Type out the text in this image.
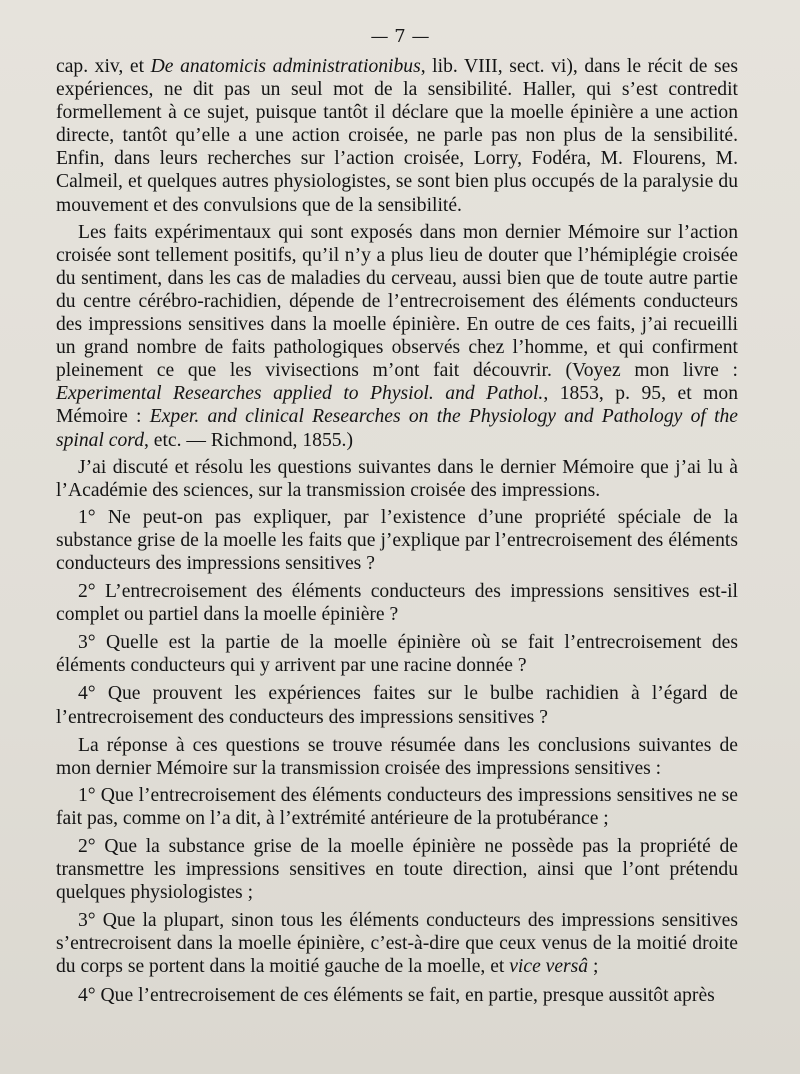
— 7 —

cap. xiv, et De anatomicis administrationibus, lib. VIII, sect. vi), dans le récit de ses expériences, ne dit pas un seul mot de la sensibilité. Haller, qui s’est contredit formellement à ce sujet, puisque tantôt il déclare que la moelle épinière a une action directe, tantôt qu’elle a une action croisée, ne parle pas non plus de la sensibilité. Enfin, dans leurs recherches sur l’action croisée, Lorry, Fodéra, M. Flourens, M. Calmeil, et quelques autres physiologistes, se sont bien plus occupés de la paralysie du mouvement et des convulsions que de la sensibilité.

Les faits expérimentaux qui sont exposés dans mon dernier Mémoire sur l’action croisée sont tellement positifs, qu’il n’y a plus lieu de douter que l’hémiplégie croisée du sentiment, dans les cas de maladies du cerveau, aussi bien que de toute autre partie du centre cérébro-rachidien, dépende de l’entrecroisement des éléments conducteurs des impressions sensitives dans la moelle épinière. En outre de ces faits, j’ai recueilli un grand nombre de faits pathologiques observés chez l’homme, et qui confirment pleinement ce que les vivisections m’ont fait découvrir. (Voyez mon livre : Experimental Researches applied to Physiol. and Pathol., 1853, p. 95, et mon Mémoire : Exper. and clinical Researches on the Physiology and Pathology of the spinal cord, etc. — Richmond, 1855.)

J’ai discuté et résolu les questions suivantes dans le dernier Mémoire que j’ai lu à l’Académie des sciences, sur la transmission croisée des impressions.

1° Ne peut-on pas expliquer, par l’existence d’une propriété spéciale de la substance grise de la moelle les faits que j’explique par l’entrecroisement des éléments conducteurs des impressions sensitives ?

2° L’entrecroisement des éléments conducteurs des impressions sensitives est-il complet ou partiel dans la moelle épinière ?

3° Quelle est la partie de la moelle épinière où se fait l’entrecroisement des éléments conducteurs qui y arrivent par une racine donnée ?

4° Que prouvent les expériences faites sur le bulbe rachidien à l’égard de l’entrecroisement des conducteurs des impressions sensitives ?

La réponse à ces questions se trouve résumée dans les conclusions suivantes de mon dernier Mémoire sur la transmission croisée des impressions sensitives :

1° Que l’entrecroisement des éléments conducteurs des impressions sensitives ne se fait pas, comme on l’a dit, à l’extrémité antérieure de la protubérance ;

2° Que la substance grise de la moelle épinière ne possède pas la propriété de transmettre les impressions sensitives en toute direction, ainsi que l’ont prétendu quelques physiologistes ;

3° Que la plupart, sinon tous les éléments conducteurs des impressions sensitives s’entrecroisent dans la moelle épinière, c’est-à-dire que ceux venus de la moitié droite du corps se portent dans la moitié gauche de la moelle, et vice versâ ;

4° Que l’entrecroisement de ces éléments se fait, en partie, presque aussitôt après
